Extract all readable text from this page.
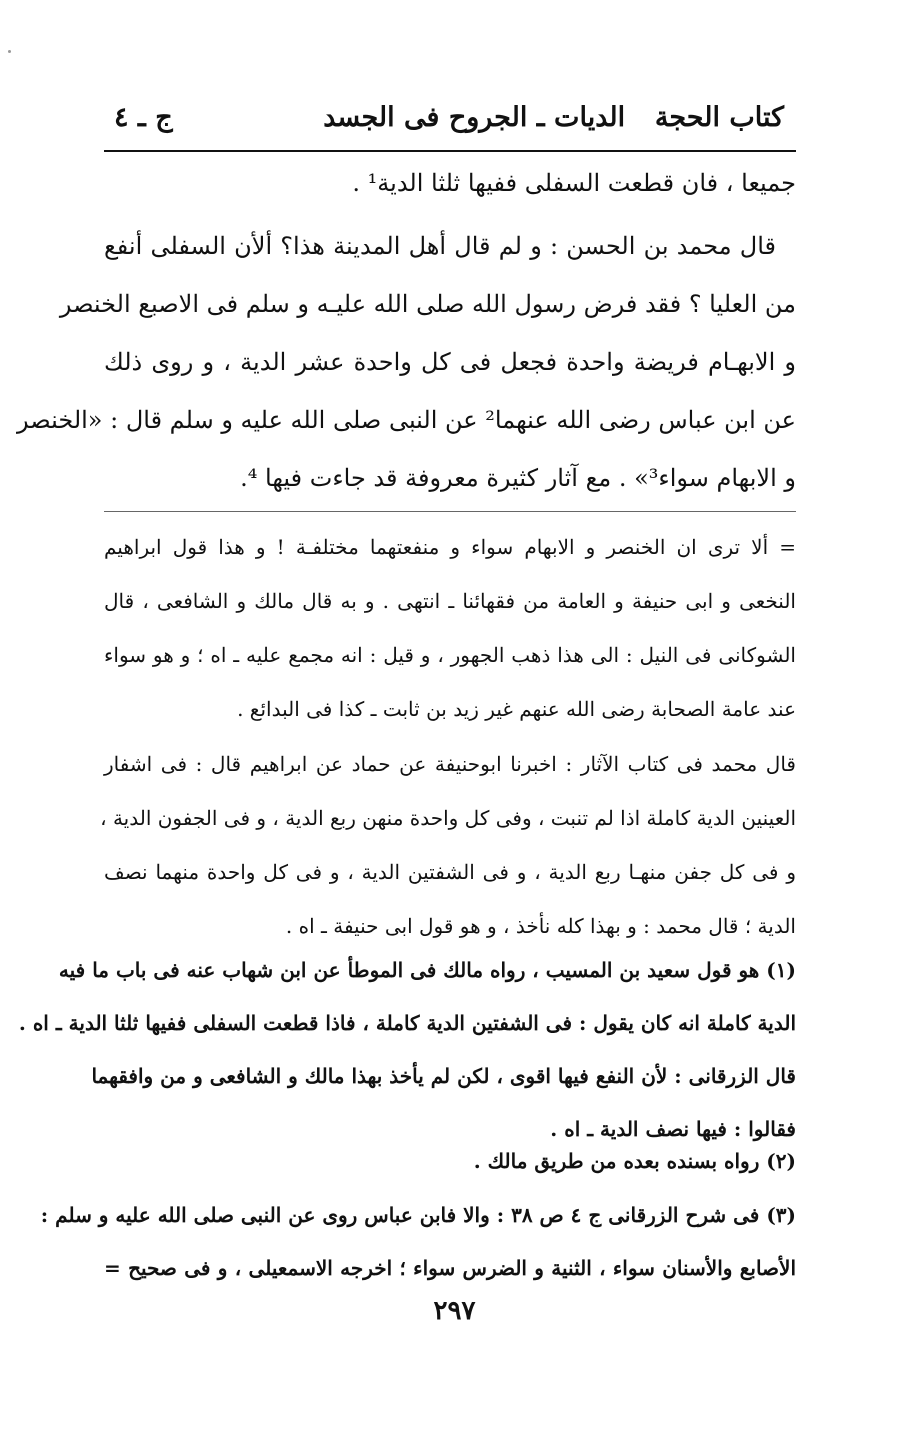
كتاب الحجة
الديات ـ الجروح فى الجسد
ج ـ ٤
جميعا ، فان قطعت السفلى ففيها ثلثا الدية¹ .
قال محمد بن الحسن : و لم قال أهل المدينة هذا؟ ألأن السفلى أنفع
من العليا ؟ فقد فرض رسول الله صلى الله عليـه و سلم فى الاصبع الخنصر
و الابهـام فريضة واحدة فجعل فى كل واحدة عشر الدية ، و روى ذلك
عن ابن عباس رضى الله عنهما² عن النبى صلى الله عليه و سلم قال : «الخنصر
و الابهام سواء³» . مع آثار كثيرة معروفة قد جاءت فيها ⁴.
= ألا ترى ان الخنصر و الابهام سواء و منفعتهما مختلفـة ! و هذا قول ابراهيم
النخعى و ابى حنيفة و العامة من فقهائنا ـ انتهى . و به قال مالك و الشافعى ، قال
الشوكانى فى النيل : الى هذا ذهب الجهور ، و قيل : انه مجمع عليه ـ اه ؛ و هو سواء
عند عامة الصحابة رضى الله عنهم غير زيد بن ثابت ـ كذا فى البدائع .
قال محمد فى كتاب الآثار : اخبرنا ابوحنيفة عن حماد عن ابراهيم قال : فى اشفار
العينين الدية كاملة اذا لم تنبت ، وفى كل واحدة منهن ربع الدية ، و فى الجفون الدية ،
و فى كل جفن منهـا ربع الدية ، و فى الشفتين الدية ، و فى كل واحدة منهما نصف
الدية ؛ قال محمد : و بهذا كله نأخذ ، و هو قول ابى حنيفة ـ اه .
(١) هو قول سعيد بن المسيب ، رواه مالك فى الموطأ عن ابن شهاب عنه فى باب ما فيه
الدية كاملة انه كان يقول : فى الشفتين الدية كاملة ، فاذا قطعت السفلى ففيها ثلثا الدية ـ اه .
قال الزرقانى : لأن النفع فيها اقوى ، لكن لم يأخذ بهذا مالك و الشافعى و من وافقهما
فقالوا : فيها نصف الدية ـ اه .
(٢) رواه بسنده بعده من طريق مالك .
(٣) فى شرح الزرقانى ج ٤ ص ٣٨ : والا فابن عباس روى عن النبى صلى الله عليه و سلم :
الأصابع والأسنان سواء ، الثنية و الضرس سواء ؛ اخرجه الاسمعيلى ، و فى صحيح =
٢٩٧
